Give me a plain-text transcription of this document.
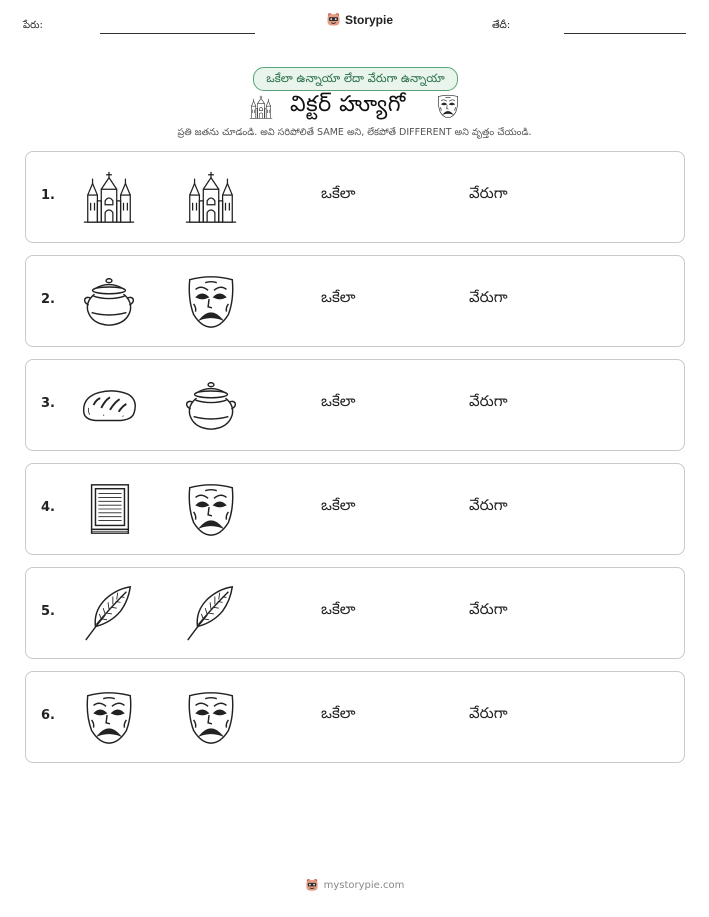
పేరు:	Storypie	తేదీ:
ఒకేలా ఉన్నాయా లేదా వేరుగా ఉన్నాయా
విక్టర్ హ్యూగో
ప్రతి జతను చూడండి. అవి సరిపోలితే SAME అని, లేకపోతే DIFFERENT అని వృత్తం చేయండి.
1.	ఒకేలా	వేరుగా
2.	ఒకేలా	వేరుగా
3.	ఒకేలా	వేరుగా
4.	ఒకేలా	వేరుగా
5.	ఒకేలా	వేరుగా
6.	ఒకేలా	వేరుగా
mystorypie.com
